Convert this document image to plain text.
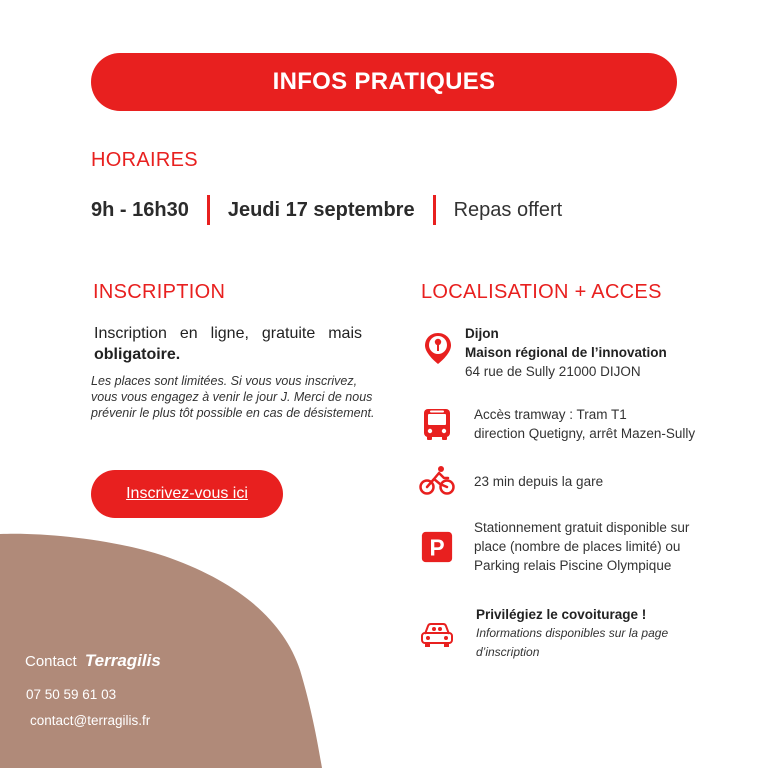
INFOS PRATIQUES
HORAIRES
9h - 16h30 Jeudi 17 septembre Repas offert
INSCRIPTION
Inscription en ligne, gratuite mais obligatoire.
Les places sont limitées. Si vous vous inscrivez, vous vous engagez à venir le jour J. Merci de nous prévenir le plus tôt possible en cas de désistement.
Inscrivez-vous ici
LOCALISATION + ACCES
Dijon
Maison régional de l’innovation
64 rue de Sully 21000 DIJON
Accès tramway : Tram T1
direction Quetigny, arrêt Mazen-Sully
23 min depuis la gare
P
Stationnement gratuit disponible sur
place (nombre de places limité) ou
Parking relais Piscine Olympique
Privilégiez le covoiturage !
Informations disponibles sur la page
d’inscription
Contact Terragilis
07 50 59 61 03
contact@terragilis.fr
